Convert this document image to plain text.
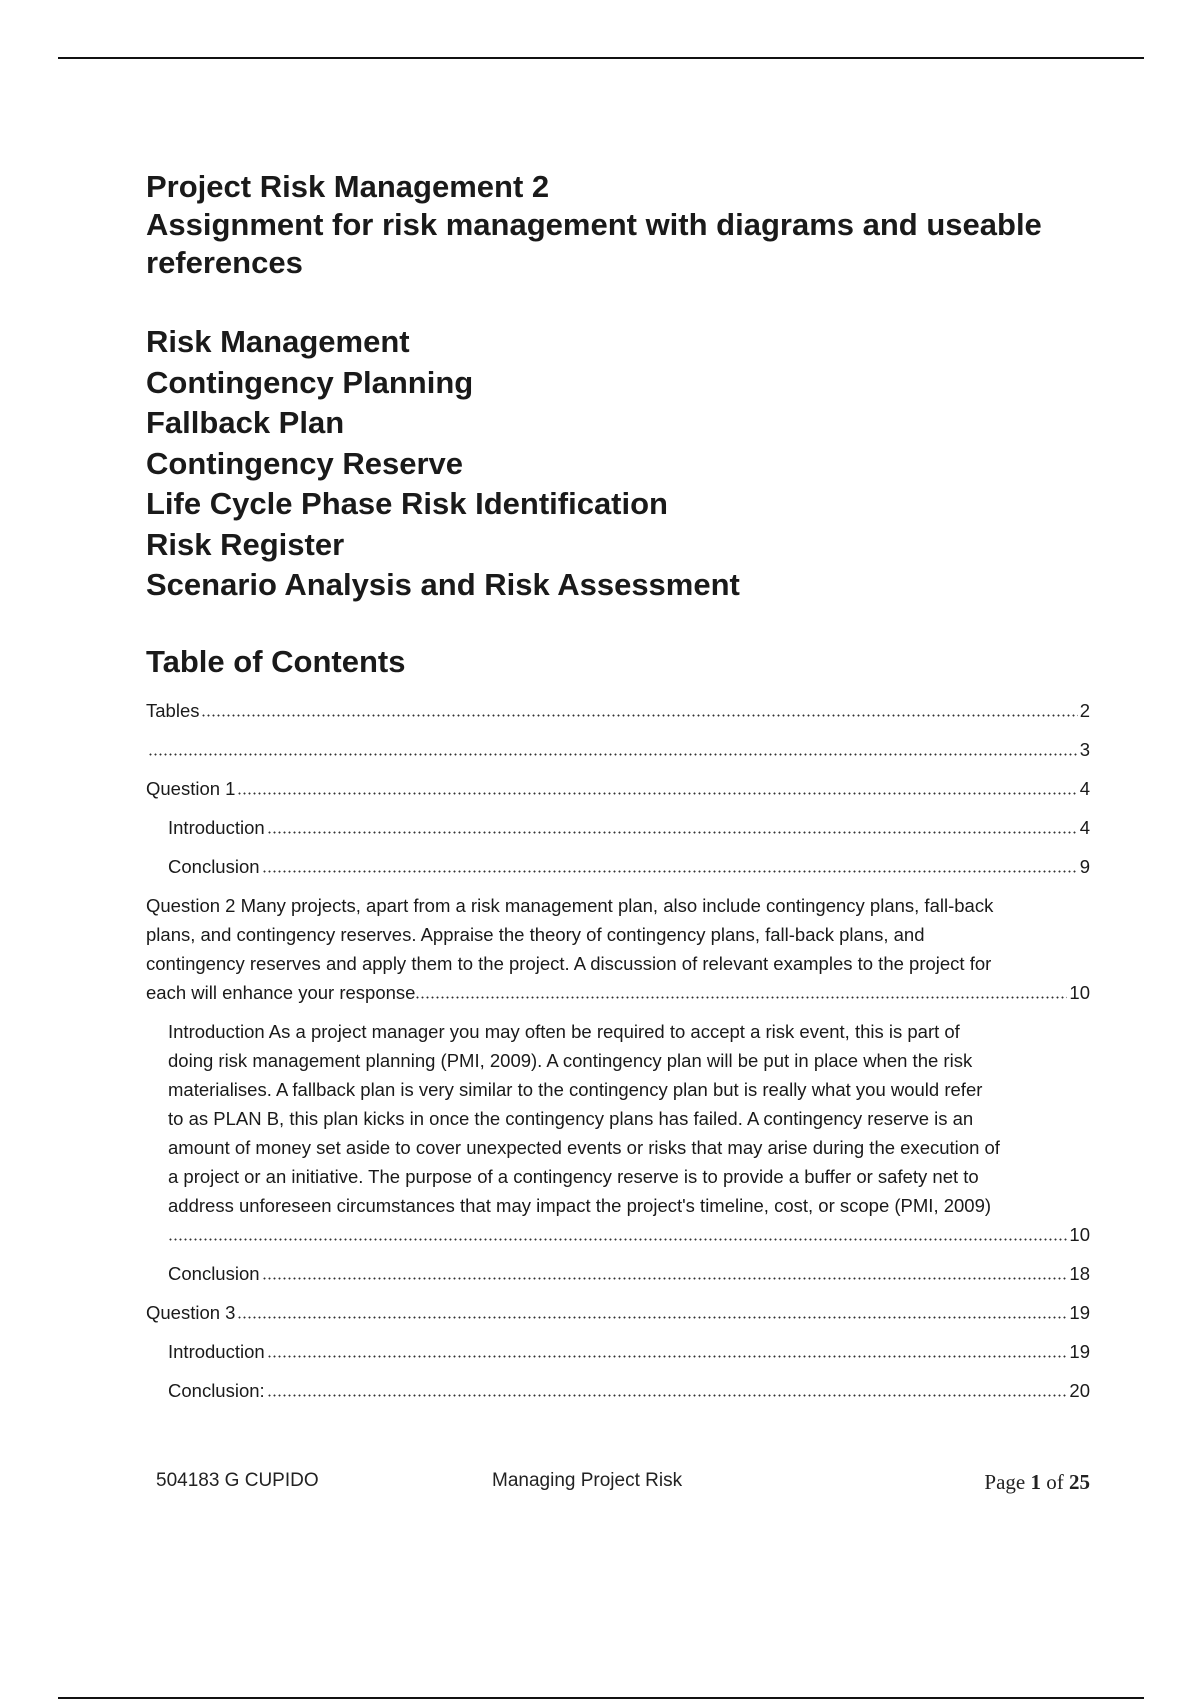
Project Risk Management 2
Assignment for risk management with diagrams and useable
references
Risk Management
Contingency Planning
Fallback Plan
Contingency Reserve
Life Cycle Phase Risk Identification
Risk Register
Scenario Analysis and Risk Assessment
Table of Contents
Tables	2
3
Question 1	4
Introduction	4
Conclusion	9
Question 2 Many projects, apart from a risk management plan, also include contingency plans, fall-back
plans, and contingency reserves. Appraise the theory of contingency plans, fall-back plans, and
contingency reserves and apply them to the project. A discussion of relevant examples to the project for
each will enhance your response	10
Introduction As a project manager you may often be required to accept a risk event, this is part of
doing risk management planning (PMI, 2009). A contingency plan will be put in place when the risk
materialises. A fallback plan is very similar to the contingency plan but is really what you would refer
to as PLAN B, this plan kicks in once the contingency plans has failed. A contingency reserve is an
amount of money set aside to cover unexpected events or risks that may arise during the execution of
a project or an initiative. The purpose of a contingency reserve is to provide a buffer or safety net to
address unforeseen circumstances that may impact the project's timeline, cost, or scope (PMI, 2009)
10
Conclusion	18
Question 3	19
Introduction	19
Conclusion:	20
504183 G CUPIDO	Managing Project Risk	Page 1 of 25
